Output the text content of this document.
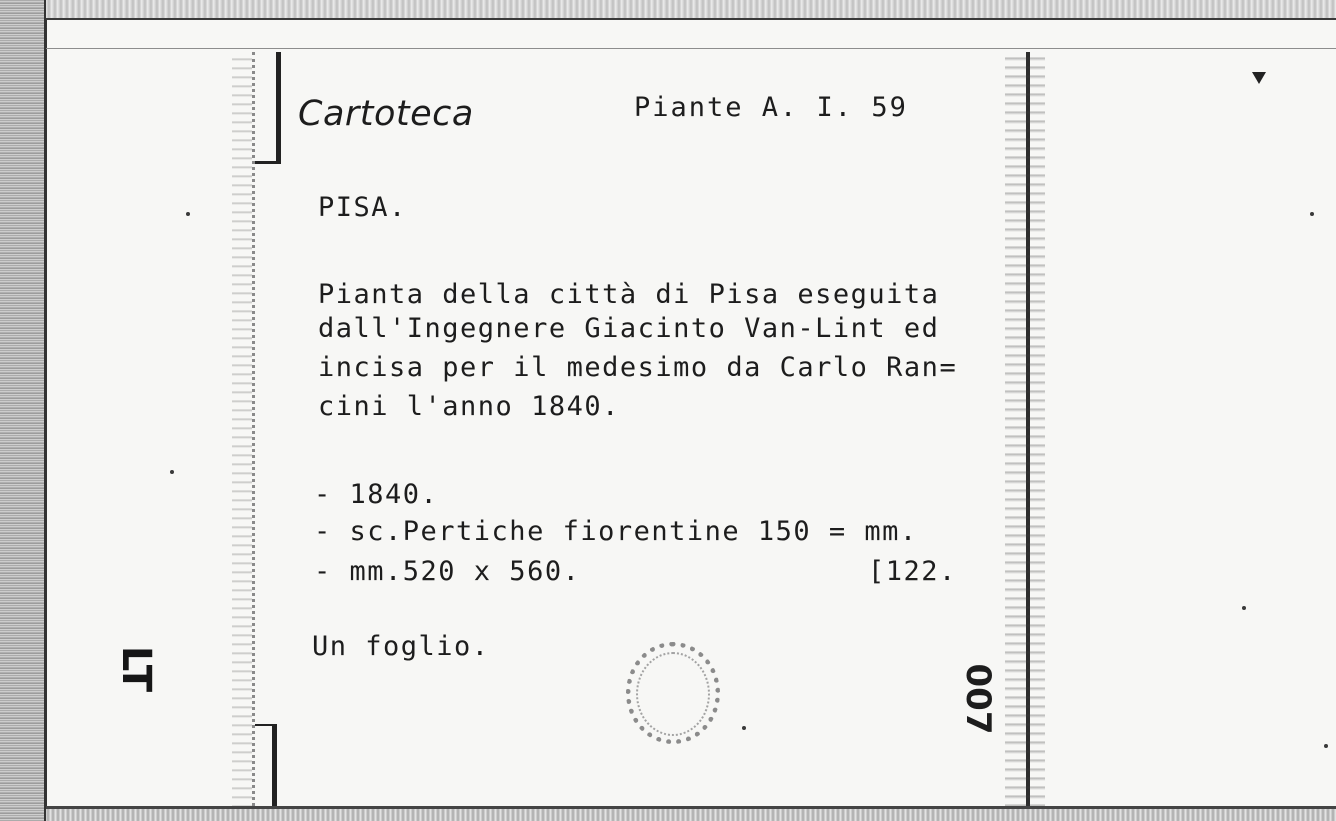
Cartoteca	Piante A. I. 59
PISA.
Pianta della città di Pisa eseguita
dall'Ingegnere Giacinto Van-Lint ed
incisa per il medesimo da Carlo Ran=
cini l'anno 1840.
- 1840.
- sc.Pertiche fiorentine 150 = mm.
- mm.520 x 560.	[122.
Un foglio.
007
LT
